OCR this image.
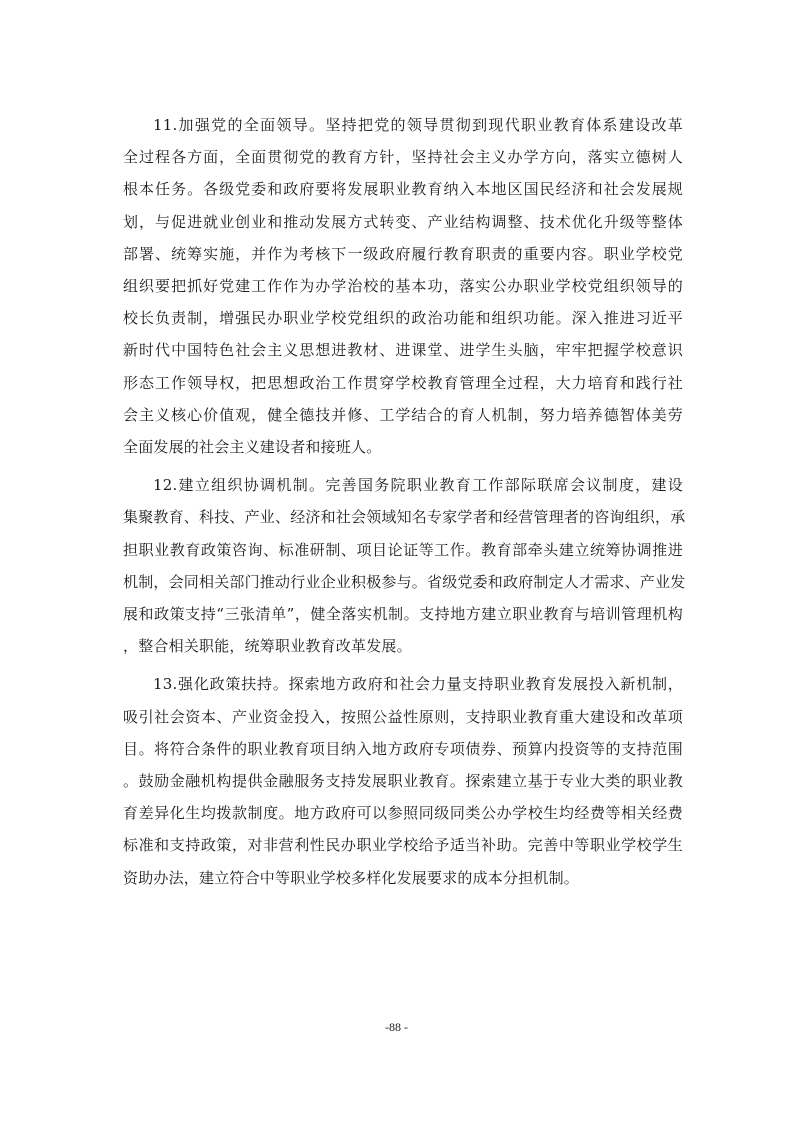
11.加强党的全面领导。坚持把党的领导贯彻到现代职业教育体系建设改革
全过程各方面，全面贯彻党的教育方针，坚持社会主义办学方向，落实立德树人
根本任务。各级党委和政府要将发展职业教育纳入本地区国民经济和社会发展规
划，与促进就业创业和推动发展方式转变、产业结构调整、技术优化升级等整体
部署、统筹实施，并作为考核下一级政府履行教育职责的重要内容。职业学校党
组织要把抓好党建工作作为办学治校的基本功，落实公办职业学校党组织领导的
校长负责制，增强民办职业学校党组织的政治功能和组织功能。深入推进习近平
新时代中国特色社会主义思想进教材、进课堂、进学生头脑，牢牢把握学校意识
形态工作领导权，把思想政治工作贯穿学校教育管理全过程，大力培育和践行社
会主义核心价值观，健全德技并修、工学结合的育人机制，努力培养德智体美劳
全面发展的社会主义建设者和接班人。
12.建立组织协调机制。完善国务院职业教育工作部际联席会议制度，建设
集聚教育、科技、产业、经济和社会领域知名专家学者和经营管理者的咨询组织，承
担职业教育政策咨询、标准研制、项目论证等工作。教育部牵头建立统筹协调推进
机制，会同相关部门推动行业企业积极参与。省级党委和政府制定人才需求、产业发
展和政策支持“三张清单”，健全落实机制。支持地方建立职业教育与培训管理机构
，整合相关职能，统筹职业教育改革发展。
13.强化政策扶持。探索地方政府和社会力量支持职业教育发展投入新机制，
吸引社会资本、产业资金投入，按照公益性原则，支持职业教育重大建设和改革项
目。将符合条件的职业教育项目纳入地方政府专项债券、预算内投资等的支持范围
。鼓励金融机构提供金融服务支持发展职业教育。探索建立基于专业大类的职业教
育差异化生均拨款制度。地方政府可以参照同级同类公办学校生均经费等相关经费
标准和支持政策，对非营利性民办职业学校给予适当补助。完善中等职业学校学生
资助办法，建立符合中等职业学校多样化发展要求的成本分担机制。
-88 -
